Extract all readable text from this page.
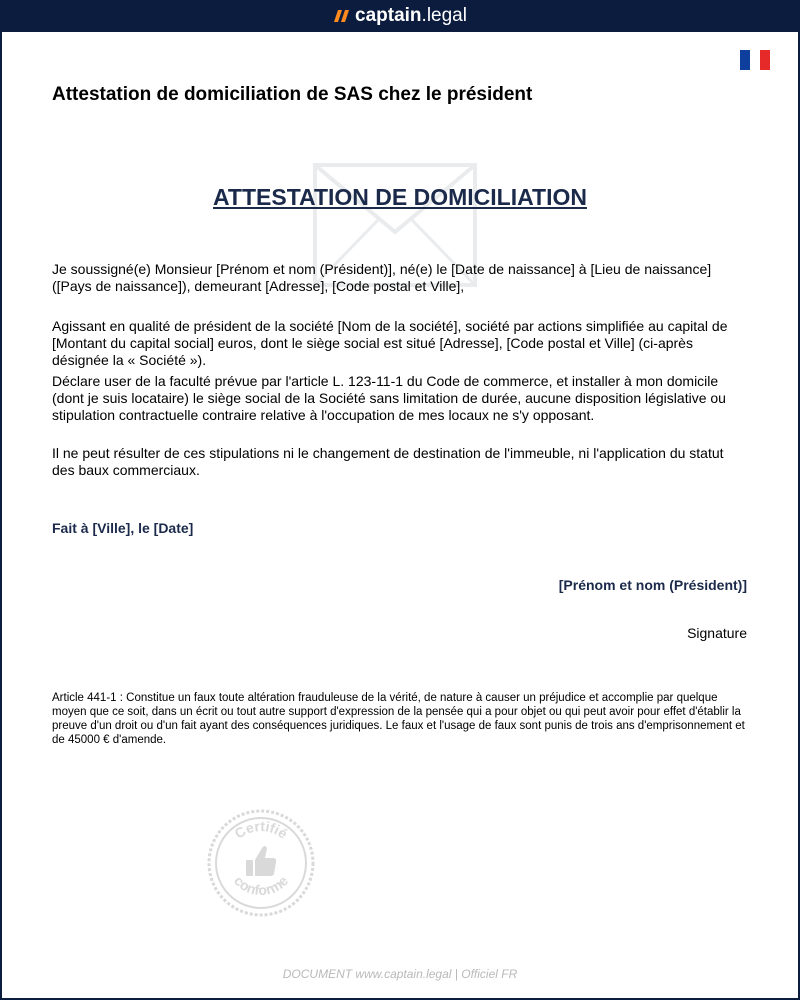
captain .legal
Attestation de domiciliation de SAS chez le président
ATTESTATION DE DOMICILIATION

Je soussigné(e) Monsieur [Prénom et nom (Président)], né(e) le [Date de naissance] à [Lieu de naissance] ([Pays de naissance]), demeurant [Adresse], [Code postal et Ville],

Agissant en qualité de président de la société [Nom de la société], société par actions simplifiée au capital de [Montant du capital social] euros, dont le siège social est situé [Adresse], [Code postal et Ville] (ci-après désignée la « Société »).

Déclare user de la faculté prévue par l'article L. 123-11-1 du Code de commerce, et installer à mon domicile (dont je suis locataire) le siège social de la Société sans limitation de durée, aucune disposition législative ou stipulation contractuelle contraire relative à l'occupation de mes locaux ne s'y opposant.

Il ne peut résulter de ces stipulations ni le changement de destination de l'immeuble, ni l'application du statut des baux commerciaux.

Fait à [Ville], le [Date]
[Prénom et nom (Président)]
Signature

Article 441-1 : Constitue un faux toute altération frauduleuse de la vérité, de nature à causer un préjudice et accomplie par quelque moyen que ce soit, dans un écrit ou tout autre support d'expression de la pensée qui a pour objet ou qui peut avoir pour effet d'établir la preuve d'un droit ou d'un fait ayant des conséquences juridiques. Le faux et l'usage de faux sont punis de trois ans d'emprisonnement et de 45000 € d'amende.

Certifié
conforme
DOCUMENT www.captain.legal | Officiel FR
